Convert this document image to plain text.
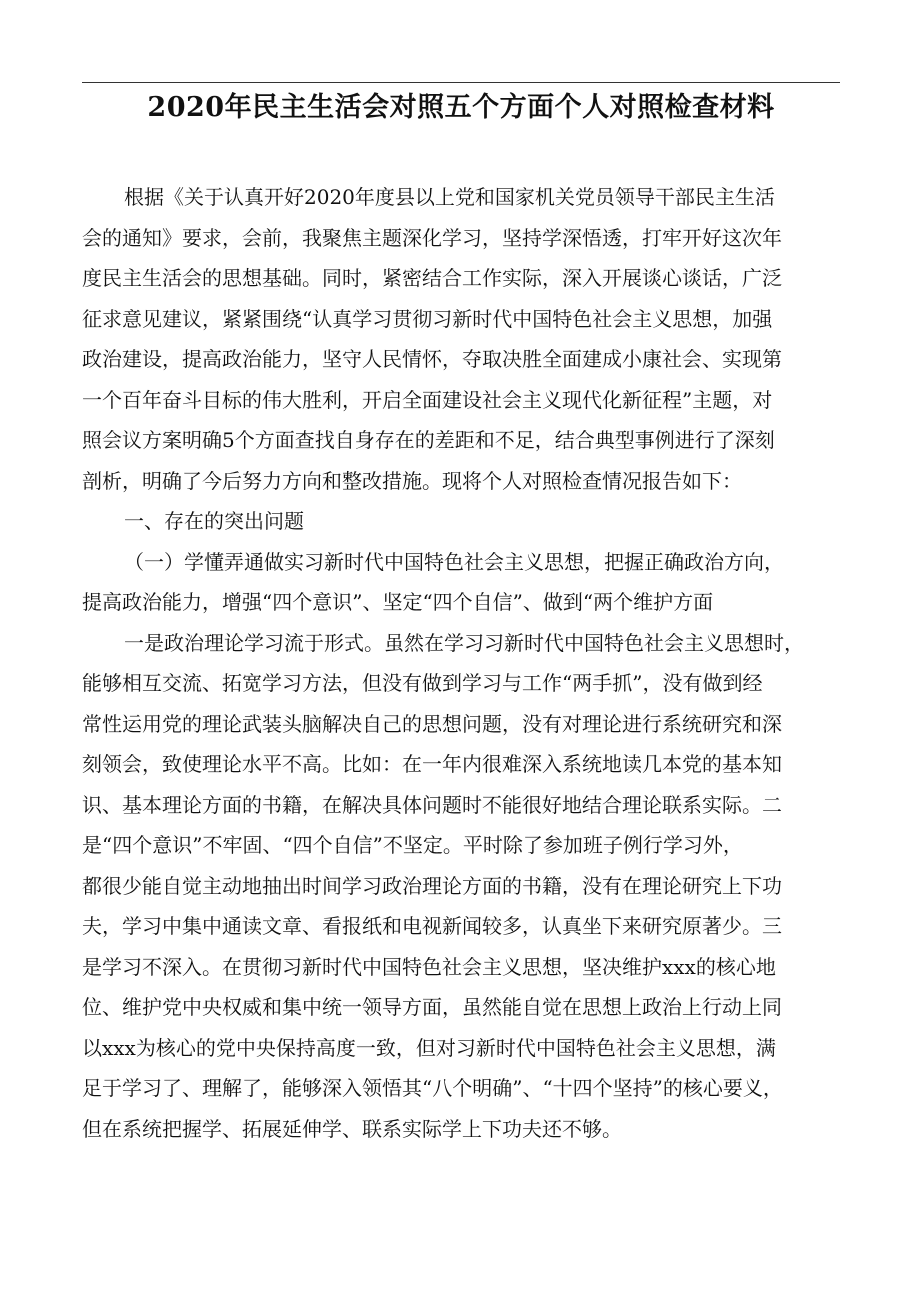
2020年民主生活会对照五个方面个人对照检查材料
根据《关于认真开好2020年度县以上党和国家机关党员领导干部民主生活
会的通知》要求，会前，我聚焦主题深化学习，坚持学深悟透，打牢开好这次年
度民主生活会的思想基础。同时，紧密结合工作实际，深入开展谈心谈话，广泛
征求意见建议，紧紧围绕“认真学习贯彻习新时代中国特色社会主义思想，加强
政治建设，提高政治能力，坚守人民情怀，夺取决胜全面建成小康社会、实现第
一个百年奋斗目标的伟大胜利，开启全面建设社会主义现代化新征程”主题，对
照会议方案明确5个方面查找自身存在的差距和不足，结合典型事例进行了深刻
剖析，明确了今后努力方向和整改措施。现将个人对照检查情况报告如下：
一、存在的突出问题
（一）学懂弄通做实习新时代中国特色社会主义思想，把握正确政治方向，
提高政治能力，增强“四个意识”、坚定“四个自信”、做到“两个维护方面
一是政治理论学习流于形式。虽然在学习习新时代中国特色社会主义思想时，
能够相互交流、拓宽学习方法，但没有做到学习与工作“两手抓”，没有做到经
常性运用党的理论武装头脑解决自己的思想问题，没有对理论进行系统研究和深
刻领会，致使理论水平不高。比如：在一年内很难深入系统地读几本党的基本知
识、基本理论方面的书籍，在解决具体问题时不能很好地结合理论联系实际。二
是“四个意识”不牢固、“四个自信”不坚定。平时除了参加班子例行学习外，
都很少能自觉主动地抽出时间学习政治理论方面的书籍，没有在理论研究上下功
夫，学习中集中通读文章、看报纸和电视新闻较多，认真坐下来研究原著少。三
是学习不深入。在贯彻习新时代中国特色社会主义思想，坚决维护xxx的核心地
位、维护党中央权威和集中统一领导方面，虽然能自觉在思想上政治上行动上同
以xxx为核心的党中央保持高度一致，但对习新时代中国特色社会主义思想，满
足于学习了、理解了，能够深入领悟其“八个明确”、“十四个坚持”的核心要义，
但在系统把握学、拓展延伸学、联系实际学上下功夫还不够。
